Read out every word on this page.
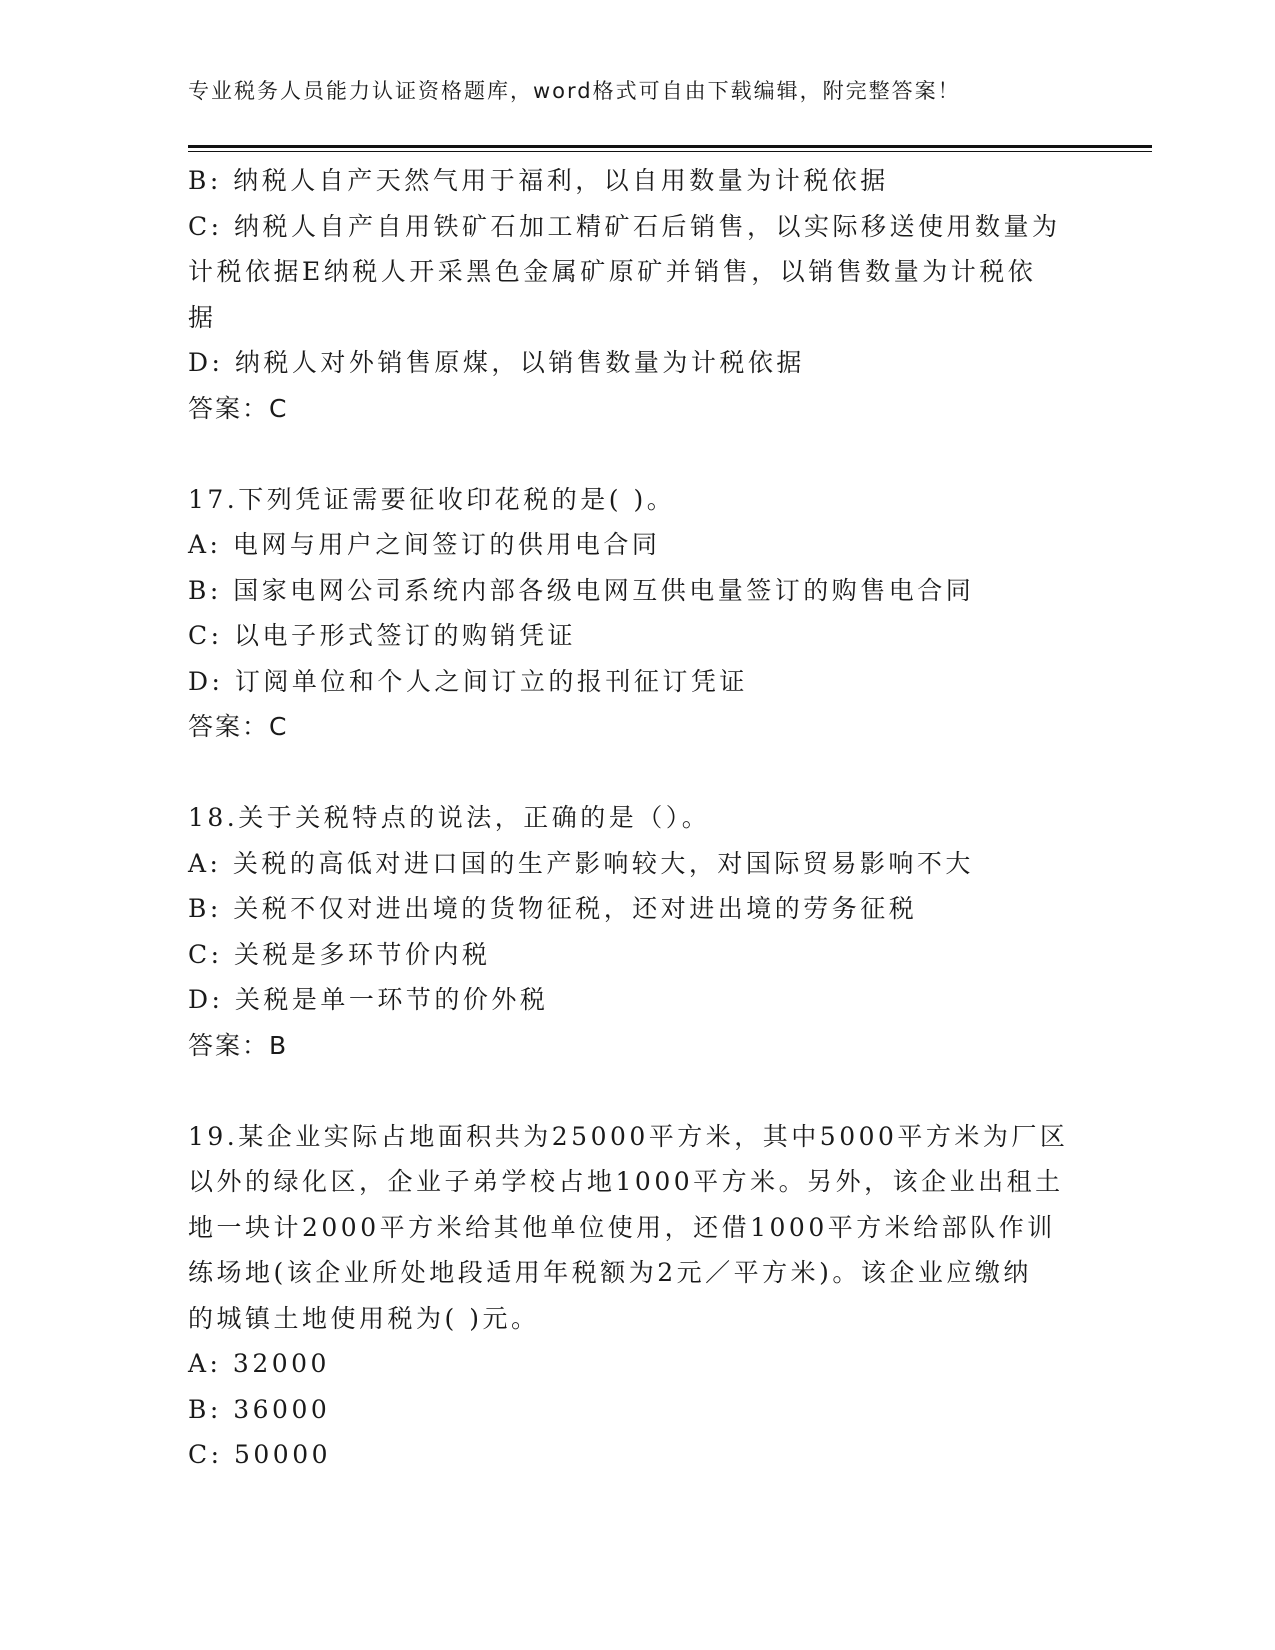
专业税务人员能力认证资格题库，word格式可自由下载编辑，附完整答案！
B: 纳税人自产天然气用于福利，以自用数量为计税依据
C: 纳税人自产自用铁矿石加工精矿石后销售，以实际移送使用数量为
计税依据E纳税人开采黑色金属矿原矿并销售，以销售数量为计税依
据
D: 纳税人对外销售原煤，以销售数量为计税依据
答案：C
17.下列凭证需要征收印花税的是( )。
A: 电网与用户之间签订的供用电合同
B: 国家电网公司系统内部各级电网互供电量签订的购售电合同
C: 以电子形式签订的购销凭证
D: 订阅单位和个人之间订立的报刊征订凭证
答案：C
18.关于关税特点的说法，正确的是（）。
A: 关税的高低对进口国的生产影响较大，对国际贸易影响不大
B: 关税不仅对进出境的货物征税，还对进出境的劳务征税
C: 关税是多环节价内税
D: 关税是单一环节的价外税
答案：B
19.某企业实际占地面积共为25000平方米，其中5000平方米为厂区
以外的绿化区，企业子弟学校占地1000平方米。另外，该企业出租土
地一块计2000平方米给其他单位使用，还借1000平方米给部队作训
练场地(该企业所处地段适用年税额为2元／平方米)。该企业应缴纳
的城镇土地使用税为( )元。
A: 32000
B: 36000
C: 50000
